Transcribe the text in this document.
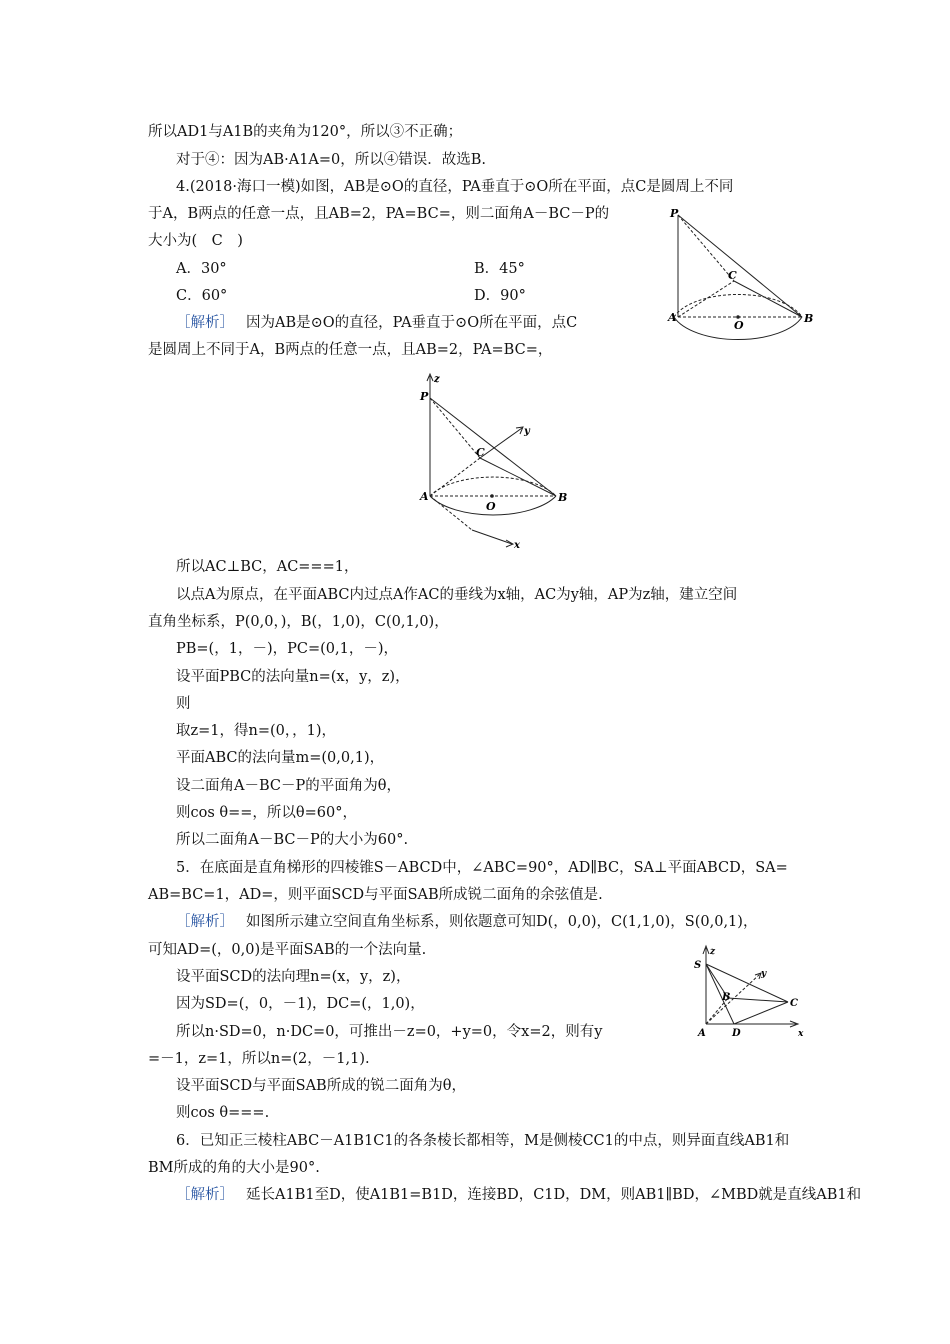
所以AD1与A1B的夹角为120°，所以③不正确；
对于④：因为AB·A1A=0，所以④错误．故选B.
4.(2018·海口一模)如图，AB是⊙O的直径，PA垂直于⊙O所在平面，点C是圆周上不同
于A，B两点的任意一点，且AB=2，PA=BC=，则二面角A－BC－P的
大小为(　C　)
A．30°	B．45°
C．60°	D．90°
［解析］ 因为AB是⊙O的直径，PA垂直于⊙O所在平面，点C
是圆周上不同于A，B两点的任意一点，且AB=2，PA=BC=，
所以AC⊥BC，AC===1，
以点A为原点，在平面ABC内过点A作AC的垂线为x轴，AC为y轴，AP为z轴，建立空间
直角坐标系，P(0,0，)，B(，1,0)，C(0,1,0)，
PB=(，1，－)，PC=(0,1，－)，
设平面PBC的法向量n=(x，y，z)，
则
取z=1，得n=(0，，1)，
平面ABC的法向量m=(0,0,1)，
设二面角A－BC－P的平面角为θ，
则cos θ==，所以θ=60°，
所以二面角A－BC－P的大小为60°.
5．在底面是直角梯形的四棱锥S－ABCD中，∠ABC=90°，AD∥BC，SA⊥平面ABCD，SA=
AB=BC=1，AD=，则平面SCD与平面SAB所成锐二面角的余弦值是.
［解析］ 如图所示建立空间直角坐标系，则依题意可知D(，0,0)，C(1,1,0)，S(0,0,1)，
可知AD=(，0,0)是平面SAB的一个法向量.
设平面SCD的法向理n=(x，y，z)，
因为SD=(，0，－1)，DC=(，1,0)，
所以n·SD=0，n·DC=0，可推出－z=0，+y=0，令x=2，则有y
=－1，z=1，所以n=(2，－1,1).
设平面SCD与平面SAB所成的锐二面角为θ，
则cos θ===.
6．已知正三棱柱ABC－A1B1C1的各条棱长都相等，M是侧棱CC1的中点，则异面直线AB1和
BM所成的角的大小是90°.
［解析］ 延长A1B1至D，使A1B1=B1D，连接BD，C1D，DM，则AB1∥BD，∠MBD就是直线AB1和
P
C
A
O
B
z
P
y
C
A
O
B
x
z
S
y
B
C
A	D	x
